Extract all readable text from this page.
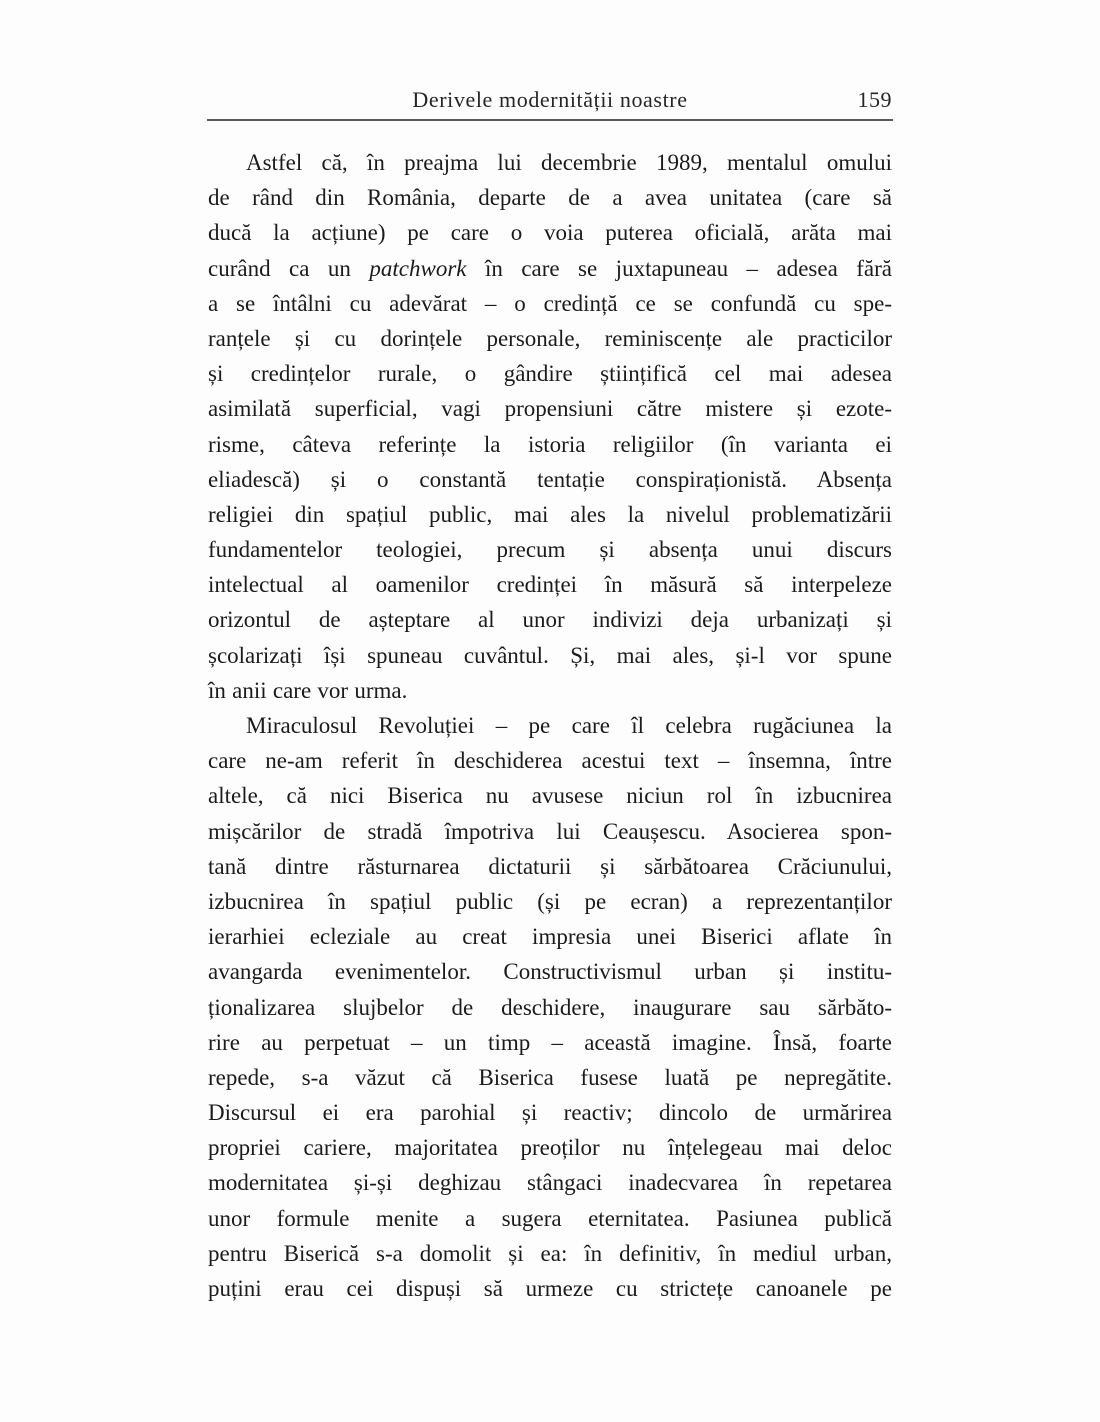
Derivele modernității noastre	159
Astfel că, în preajma lui decembrie 1989, mentalul omului
de rând din România, departe de a avea unitatea (care să
ducă la acțiune) pe care o voia puterea oficială, arăta mai
curând ca un patchwork în care se juxtapuneau – adesea fără
a se întâlni cu adevărat – o credință ce se confundă cu spe-
ranțele și cu dorințele personale, reminiscențe ale practicilor
și credințelor rurale, o gândire științifică cel mai adesea
asimilată superficial, vagi propensiuni către mistere și ezote-
risme, câteva referințe la istoria religiilor (în varianta ei
eliadescă) și o constantă tentație conspiraționistă. Absența
religiei din spațiul public, mai ales la nivelul problematizării
fundamentelor teologiei, precum și absența unui discurs
intelectual al oamenilor credinței în măsură să interpeleze
orizontul de așteptare al unor indivizi deja urbanizați și
școlarizați își spuneau cuvântul. Și, mai ales, și-l vor spune
în anii care vor urma.
Miraculosul Revoluției – pe care îl celebra rugăciunea la
care ne-am referit în deschiderea acestui text – însemna, între
altele, că nici Biserica nu avusese niciun rol în izbucnirea
mișcărilor de stradă împotriva lui Ceaușescu. Asocierea spon-
tană dintre răsturnarea dictaturii și sărbătoarea Crăciunului,
izbucnirea în spațiul public (și pe ecran) a reprezentanților
ierarhiei ecleziale au creat impresia unei Biserici aflate în
avangarda evenimentelor. Constructivismul urban și institu-
ționalizarea slujbelor de deschidere, inaugurare sau sărbăto-
rire au perpetuat – un timp – această imagine. Însă, foarte
repede, s-a văzut că Biserica fusese luată pe nepregătite.
Discursul ei era parohial și reactiv; dincolo de urmărirea
propriei cariere, majoritatea preoților nu înțelegeau mai deloc
modernitatea și-și deghizau stângaci inadecvarea în repetarea
unor formule menite a sugera eternitatea. Pasiunea publică
pentru Biserică s-a domolit și ea: în definitiv, în mediul urban,
puțini erau cei dispuși să urmeze cu strictețe canoanele pe
